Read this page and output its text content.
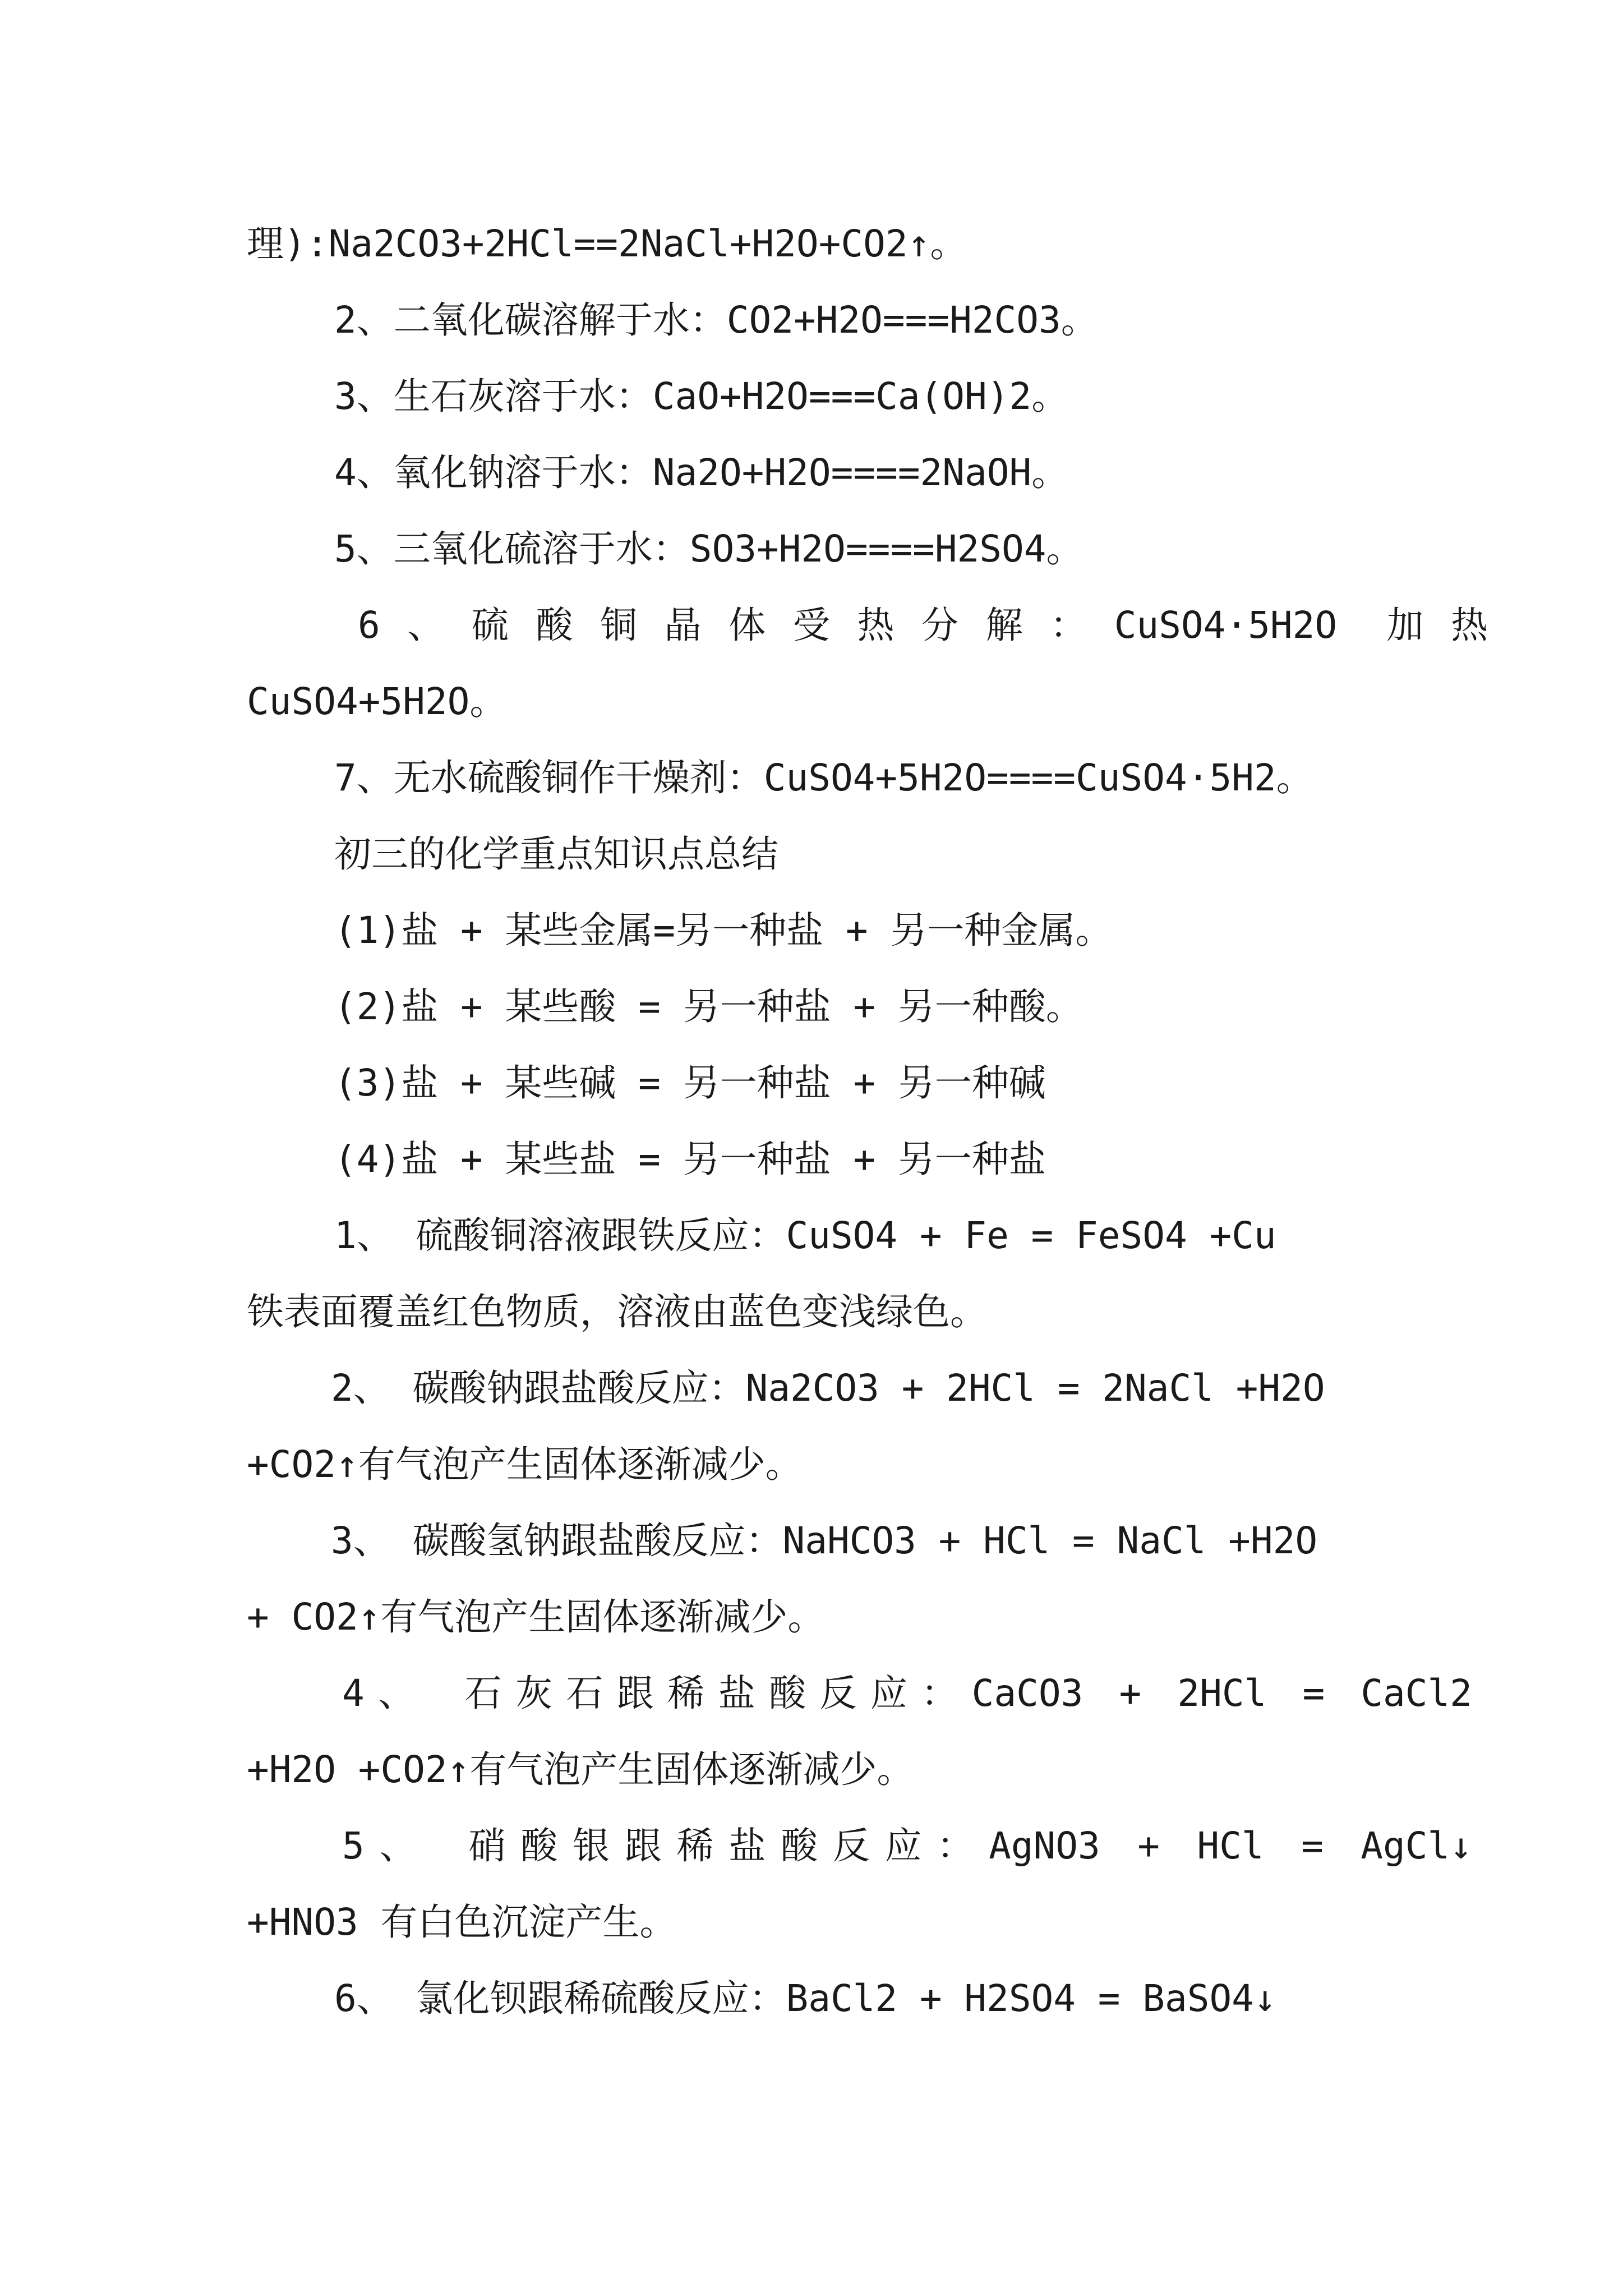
理):Na2CO3+2HCl==2NaCl+H2O+CO2↑。
2、二氧化碳溶解于水：CO2+H2O===H2CO3。
3、生石灰溶于水：CaO+H2O===Ca(OH)2。
4、氧化钠溶于水：Na2O+H2O====2NaOH。
5、三氧化硫溶于水：SO3+H2O====H2SO4。
6、硫酸铜晶体受热分解：CuSO4·5H2O 加热
CuSO4+5H2O。
7、无水硫酸铜作干燥剂：CuSO4+5H2O====CuSO4·5H2。
初三的化学重点知识点总结
(1)盐 + 某些金属=另一种盐 + 另一种金属。
(2)盐 + 某些酸 = 另一种盐 + 另一种酸。
(3)盐 + 某些碱 = 另一种盐 + 另一种碱
(4)盐 + 某些盐 = 另一种盐 + 另一种盐
1、 硫酸铜溶液跟铁反应：CuSO4 + Fe = FeSO4 +Cu
铁表面覆盖红色物质，溶液由蓝色变浅绿色。
2、 碳酸钠跟盐酸反应：Na2CO3 + 2HCl = 2NaCl +H2O
+CO2↑有气泡产生固体逐渐减少。
3、 碳酸氢钠跟盐酸反应：NaHCO3 + HCl = NaCl +H2O
+ CO2↑有气泡产生固体逐渐减少。
4、 石灰石跟稀盐酸反应：CaCO3 + 2HCl = CaCl2
+H2O +CO2↑有气泡产生固体逐渐减少。
5、 硝酸银跟稀盐酸反应：AgNO3 + HCl = AgCl↓
+HNO3 有白色沉淀产生。
6、 氯化钡跟稀硫酸反应：BaCl2 + H2SO4 = BaSO4↓
